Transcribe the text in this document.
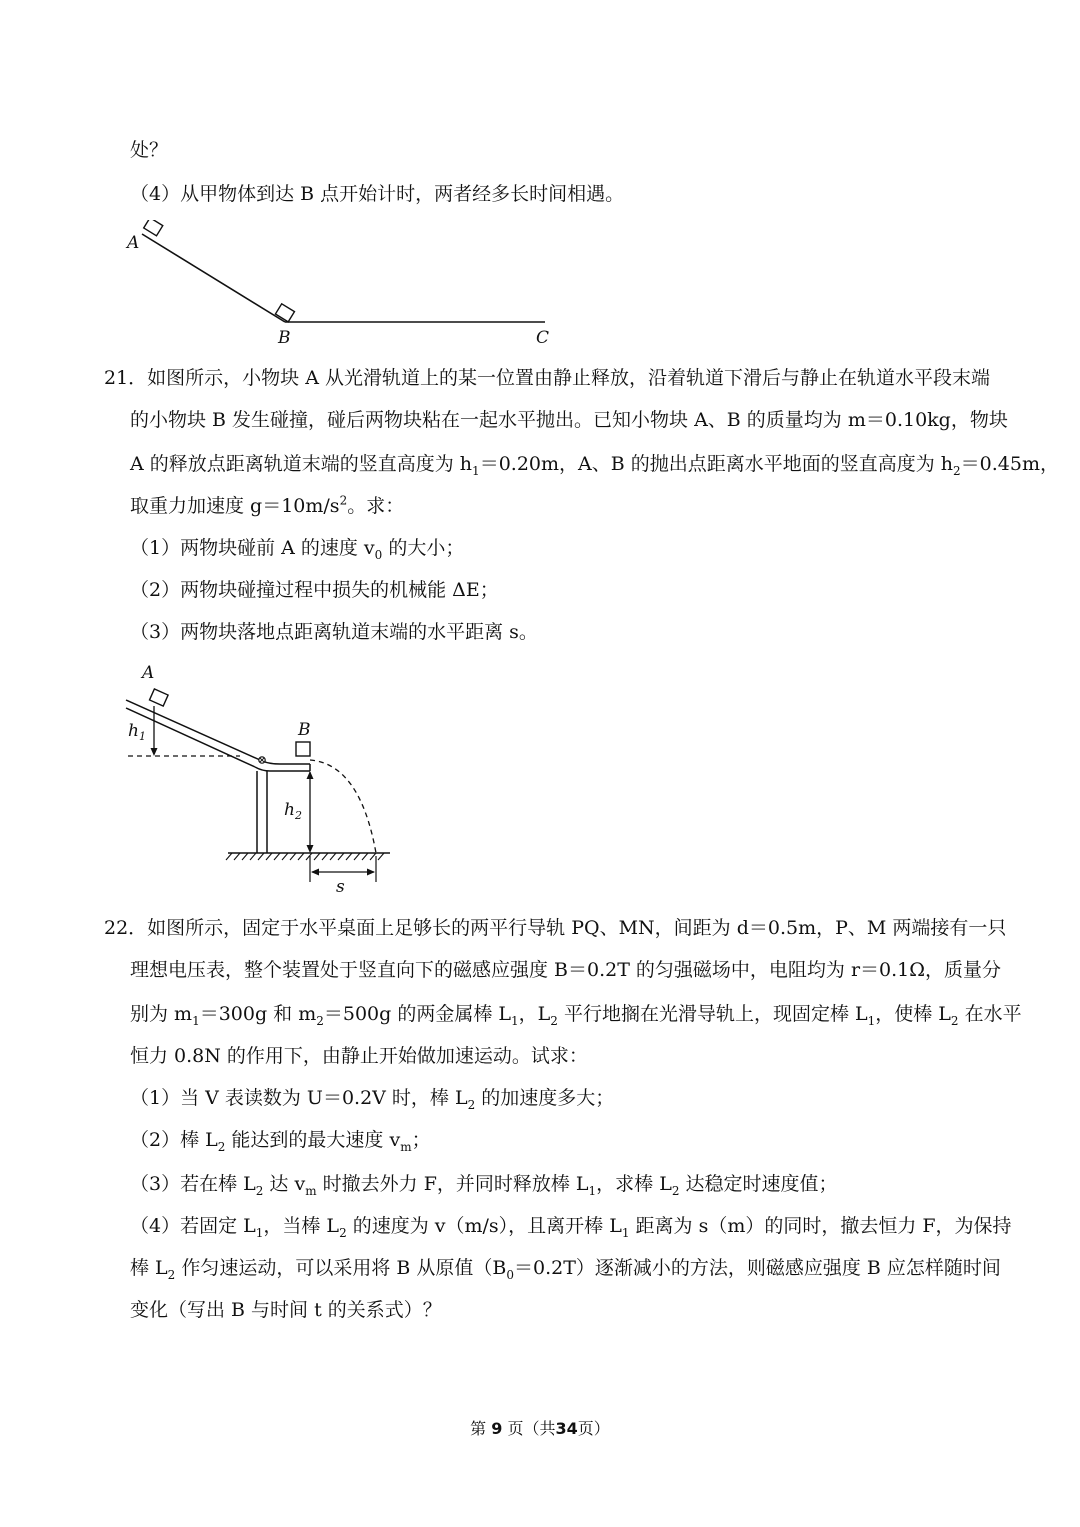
处？
（4）从甲物体到达 B 点开始计时，两者经多长时间相遇。
A
B	C
21．如图所示，小物块 A 从光滑轨道上的某一位置由静止释放，沿着轨道下滑后与静止在轨道水平段末端
的小物块 B 发生碰撞，碰后两物块粘在一起水平抛出。已知小物块 A、B 的质量均为 m＝0.10kg，物块
A 的释放点距离轨道末端的竖直高度为 $h_1=0.20m$，A、B 的抛出点距离水平地面的竖直高度为 $h_2=0.45m$，
取重力加速度 $g=10m/s^2$。求：
（1）两物块碰前 A 的速度 $v_0$ 的大小；
（2）两物块碰撞过程中损失的机械能 ΔE；
（3）两物块落地点距离轨道末端的水平距离 s。
A
B
$h_1$
$h_2$
s
22．如图所示，固定于水平桌面上足够长的两平行导轨 PQ、MN，间距为 d＝0.5m，P、M 两端接有一只
理想电压表，整个装置处于竖直向下的磁感应强度 B＝0.2T 的匀强磁场中，电阻均为 r＝0.1Ω，质量分
别为 $m_1=300g$ 和 $m_2=500g$ 的两金属棒 $L_1$，$L_2$ 平行地搁在光滑导轨上，现固定棒 $L_1$，使棒 $L_2$ 在水平
恒力 0.8N 的作用下，由静止开始做加速运动。试求：
（1）当 V 表读数为 U＝0.2V 时，棒 $L_2$ 的加速度多大；
（2）棒 $L_2$ 能达到的最大速度 $v_m$；
（3）若在棒 $L_2$ 达 $v_m$ 时撤去外力 F，并同时释放棒 $L_1$，求棒 $L_2$ 达稳定时速度值；
（4）若固定 $L_1$，当棒 $L_2$ 的速度为 v（m/s），且离开棒 $L_1$ 距离为 s（m）的同时，撤去恒力 F，为保持
棒 $L_2$ 作匀速运动，可以采用将 B 从原值$(B_0=0.2T)$逐渐减小的方法，则磁感应强度 B 应怎样随时间
变化（写出 B 与时间 t 的关系式）？
第 9 页（共34页）
